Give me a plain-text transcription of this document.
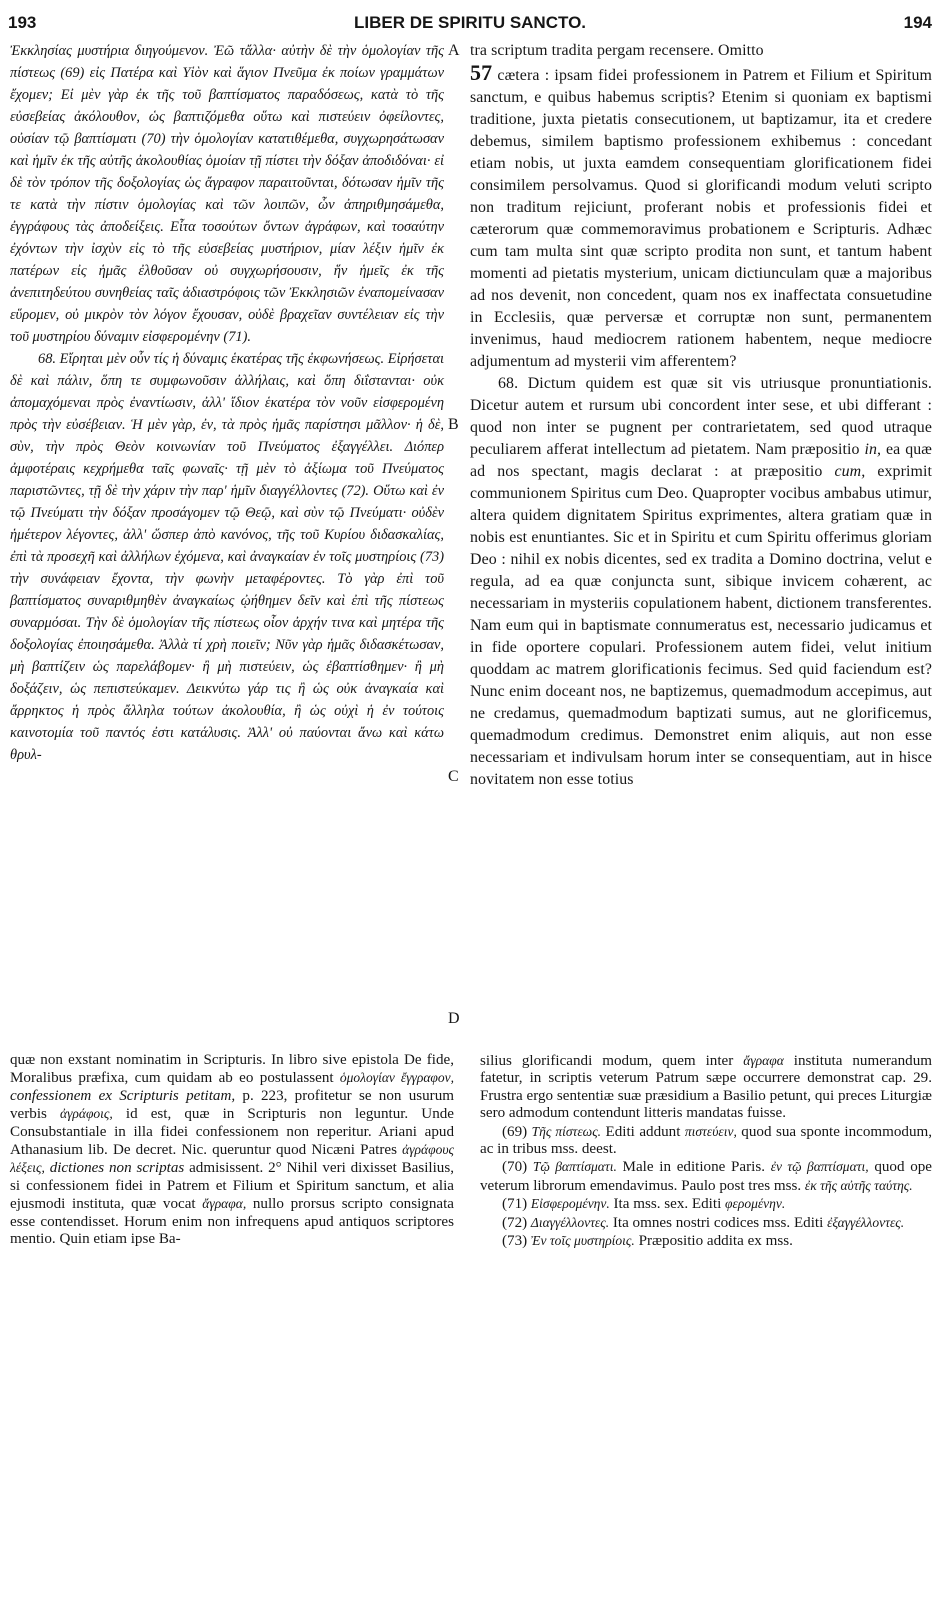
193	LIBER DE SPIRITU SANCTO.	194

Ἐκκλησίας μυστήρια διηγούμενον. Ἐῶ τἄλλα· αὐτὴν δὲ τὴν ὁμολογίαν τῆς πίστεως (69) εἰς Πατέρα καὶ Υἱὸν καὶ ἅγιον Πνεῦμα ἐκ ποίων γραμμάτων ἔχομεν; Εἰ μὲν γὰρ ἐκ τῆς τοῦ βαπτίσματος παραδόσεως, κατὰ τὸ τῆς εὐσεβείας ἀκόλουθον, ὡς βαπτιζόμεθα οὕτω καὶ πιστεύειν ὀφείλοντες, οὐσίαν τῷ βαπτίσματι (70) τὴν ὁμολογίαν κατατιθέμεθα, συγχωρησάτωσαν καὶ ἡμῖν ἐκ τῆς αὐτῆς ἀκολουθίας ὁμοίαν τῇ πίστει τὴν δόξαν ἀποδιδόναι· εἰ δὲ τὸν τρόπον τῆς δοξολογίας ὡς ἄγραφον παραιτοῦνται, δότωσαν ἡμῖν τῆς τε κατὰ τὴν πίστιν ὁμολογίας καὶ τῶν λοιπῶν, ὧν ἀπηριθμησάμεθα, ἐγγράφους τὰς ἀποδείξεις. Εἶτα τοσούτων ὄντων ἀγράφων, καὶ τοσαύτην ἐχόντων τὴν ἰσχὺν εἰς τὸ τῆς εὐσεβείας μυστήριον, μίαν λέξιν ἡμῖν ἐκ πατέρων εἰς ἡμᾶς ἐλθοῦσαν οὐ συγχωρήσουσιν, ἥν ἡμεῖς ἐκ τῆς ἀνεπιτηδεύτου συνηθείας ταῖς ἀδιαστρόφοις τῶν Ἐκκλησιῶν ἐναπομείνασαν εὕρομεν, οὐ μικρὸν τὸν λόγον ἔχουσαν, οὐδὲ βραχεῖαν συντέλειαν εἰς τὴν τοῦ μυστηρίου δύναμιν εἰσφερομένην (71).

68. Εἴρηται μὲν οὖν τίς ἡ δύναμις ἑκατέρας τῆς ἐκφωνήσεως. Εἰρήσεται δὲ καὶ πάλιν, ὅπη τε συμφωνοῦσιν ἀλλήλαις, καὶ ὅπη διΐστανται· οὐκ ἀπομαχόμεναι πρὸς ἐναντίωσιν, ἀλλ' ἴδιον ἑκατέρα τὸν νοῦν εἰσφερομένη πρὸς τὴν εὐσέβειαν. Ἡ μὲν γὰρ, ἐν, τὰ πρὸς ἡμᾶς παρίστησι μᾶλλον· ἡ δὲ, σὺν, τὴν πρὸς Θεὸν κοινωνίαν τοῦ Πνεύματος ἐξαγγέλλει. Διόπερ ἀμφοτέραις κεχρήμεθα ταῖς φωναῖς· τῇ μὲν τὸ ἀξίωμα τοῦ Πνεύματος παριστῶντες, τῇ δὲ τὴν χάριν τὴν παρ' ἡμῖν διαγγέλλοντες (72). Οὕτω καὶ ἐν τῷ Πνεύματι τὴν δόξαν προσάγομεν τῷ Θεῷ, καὶ σὺν τῷ Πνεύματι· οὐδὲν ἡμέτερον λέγοντες, ἀλλ' ὥσπερ ἀπὸ κανόνος, τῆς τοῦ Κυρίου διδασκαλίας, ἐπὶ τὰ προσεχῆ καὶ ἀλλήλων ἐχόμενα, καὶ ἀναγκαίαν ἐν τοῖς μυστηρίοις (73) τὴν συνάφειαν ἔχοντα, τὴν φωνὴν μεταφέροντες. Τὸ γὰρ ἐπὶ τοῦ βαπτίσματος συναριθμηθὲν ἀναγκαίως ᾠήθημεν δεῖν καὶ ἐπὶ τῆς πίστεως συναρμόσαι. Τὴν δὲ ὁμολογίαν τῆς πίστεως οἷον ἀρχήν τινα καὶ μητέρα τῆς δοξολογίας ἐποιησάμεθα. Ἀλλὰ τί χρὴ ποιεῖν; Νῦν γὰρ ἡμᾶς διδασκέτωσαν, μὴ βαπτίζειν ὡς παρελάβομεν· ἢ μὴ πιστεύειν, ὡς ἐβαπτίσθημεν· ἢ μὴ δοξάζειν, ὡς πεπιστεύκαμεν. Δεικνύτω γάρ τις ἢ ὡς οὐκ ἀναγκαία καὶ ἄρρηκτος ἡ πρὸς ἄλληλα τούτων ἀκολουθία, ἢ ὡς οὐχὶ ἡ ἐν τούτοις καινοτομία τοῦ παντός ἐστι κατάλυσις. Ἀλλ' οὐ παύονται ἄνω καὶ κάτω θρυλ-

A
B
C
D

tra scriptum tradita pergam recensere. Omitto
57 cætera : ipsam fidei professionem in Patrem et Filium et Spiritum sanctum, e quibus habemus scriptis? Etenim si quoniam ex baptismi traditione, juxta pietatis consecutionem, ut baptizamur, ita et credere debemus, similem baptismo professionem exhibemus : concedant etiam nobis, ut juxta eamdem consequentiam glorificationem fidei consimilem persolvamus. Quod si glorificandi modum veluti scripto non traditum rejiciunt, proferant nobis et professionis fidei et cæterorum quæ commemoravimus probationem e Scripturis. Adhæc cum tam multa sint quæ scripto prodita non sunt, et tantum habent momenti ad pietatis mysterium, unicam dictiunculam quæ a majoribus ad nos devenit, non concedent, quam nos ex inaffectata consuetudine in Ecclesiis, quæ perversæ et corruptæ non sunt, permanentem invenimus, haud mediocrem rationem habentem, neque mediocre adjumentum ad mysterii vim afferentem?

68. Dictum quidem est quæ sit vis utriusque pronuntiationis. Dicetur autem et rursum ubi concordent inter sese, et ubi differant : quod non inter se pugnent per contrarietatem, sed quod utraque peculiarem afferat intellectum ad pietatem. Nam præpositio in, ea quæ ad nos spectant, magis declarat : at præpositio cum, exprimit communionem Spiritus cum Deo. Quapropter vocibus ambabus utimur, altera quidem dignitatem Spiritus exprimentes, altera gratiam quæ in nobis est enuntiantes. Sic et in Spiritu et cum Spiritu offerimus gloriam Deo : nihil ex nobis dicentes, sed ex tradita a Domino doctrina, velut e regula, ad ea quæ conjuncta sunt, sibique invicem cohærent, ac necessariam in mysteriis copulationem habent, dictionem transferentes. Nam eum qui in baptismate connumeratus est, necessario judicamus et in fide oportere copulari. Professionem autem fidei, velut initium quoddam ac matrem glorificationis fecimus. Sed quid faciendum est? Nunc enim doceant nos, ne baptizemus, quemadmodum accepimus, aut ne credamus, quemadmodum baptizati sumus, aut ne glorificemus, quemadmodum credimus. Demonstret enim aliquis, aut non esse necessariam et indivulsam horum inter se consequentiam, aut in hisce novitatem non esse totius

quæ non exstant nominatim in Scripturis. In libro sive epistola De fide, Moralibus præfixa, cum quidam ab eo postulassent ὁμολογίαν ἔγγραφον, confessionem ex Scripturis petitam, p. 223, profitetur se non usurum verbis ἀγράφοις, id est, quæ in Scripturis non leguntur. Unde Consubstantiale in illa fidei confessionem non reperitur. Ariani apud Athanasium lib. De decret. Nic. queruntur quod Nicæni Patres ἀγράφους λέξεις, dictiones non scriptas admisissent. 2° Nihil veri dixisset Basilius, si confessionem fidei in Patrem et Filium et Spiritum sanctum, et alia ejusmodi instituta, quæ vocat ἄγραφα, nullo prorsus scripto consignata esse contendisset. Horum enim non infrequens apud antiquos scriptores mentio. Quin etiam ipse Ba-

silius glorificandi modum, quem inter ἄγραφα institutа numerandum fatetur, in scriptis veterum Patrum sæpe occurrere demonstrat cap. 29. Frustra ergo sententiæ suæ præsidium a Basilio petunt, qui preces Liturgiæ sero admodum contendunt litteris mandatas fuisse.

(69) Τῆς πίστεως. Editi addunt πιστεύειν, quod sua sponte incommodum, ac in tribus mss. deest.

(70) Τῷ βαπτίσματι. Male in editione Paris. ἐν τῷ βαπτίσματι, quod ope veterum librorum emendavimus. Paulo post tres mss. ἐκ τῆς αὐτῆς ταύτης.

(71) Εἰσφερομένην. Ita mss. sex. Editi φερομένην.

(72) Διαγγέλλοντες. Ita omnes nostri codices mss. Editi ἐξαγγέλλοντες.

(73) Ἐν τοῖς μυστηρίοις. Præpositio addita ex mss.
